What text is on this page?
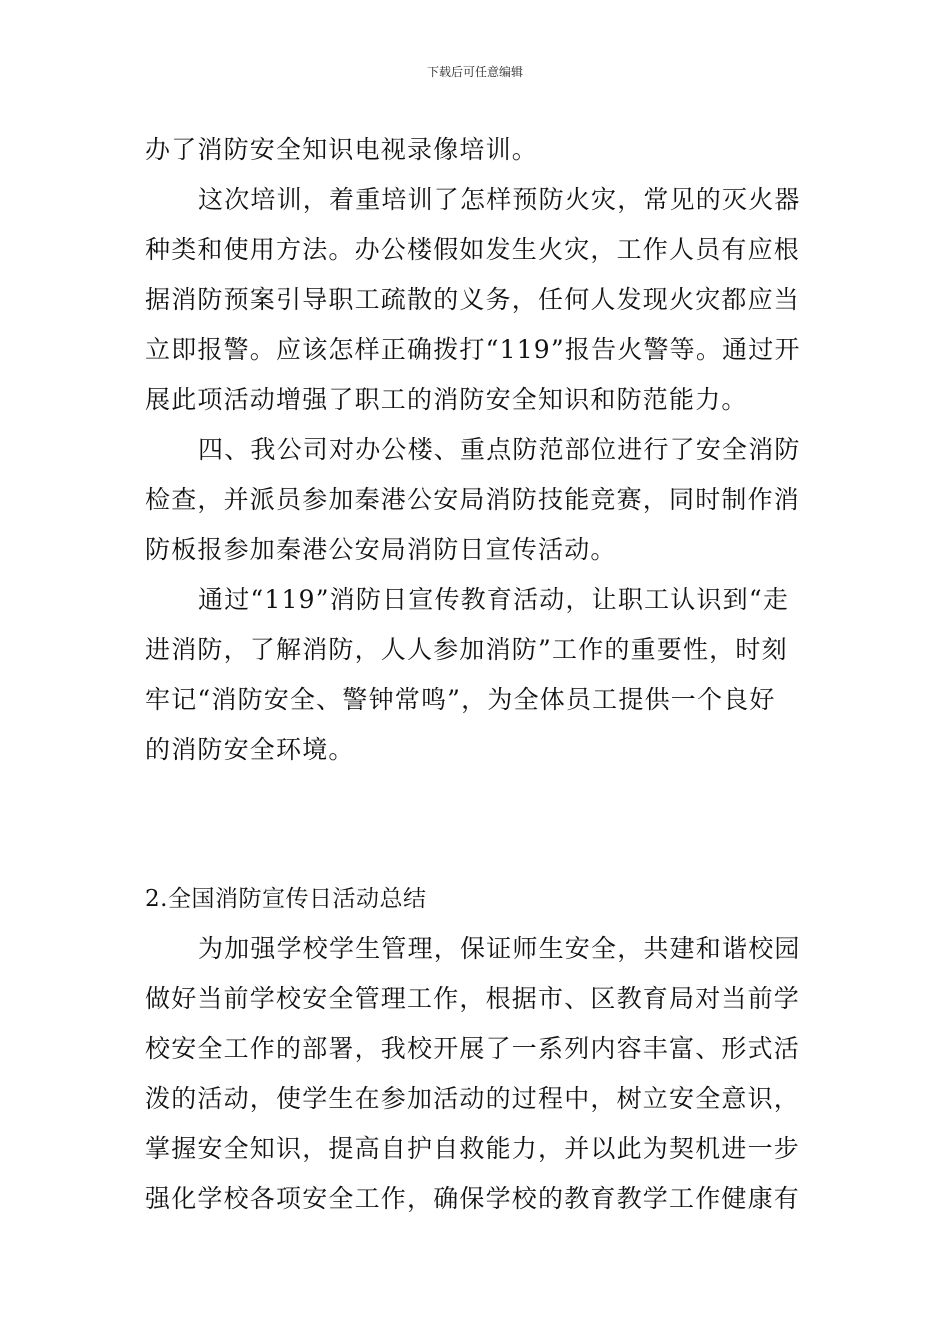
下载后可任意编辑
办了消防安全知识电视录像培训。
这次培训，着重培训了怎样预防火灾，常见的灭火器
种类和使用方法。办公楼假如发生火灾，工作人员有应根
据消防预案引导职工疏散的义务，任何人发现火灾都应当
立即报警。应该怎样正确拨打“119”报告火警等。通过开
展此项活动增强了职工的消防安全知识和防范能力。
四、我公司对办公楼、重点防范部位进行了安全消防
检查，并派员参加秦港公安局消防技能竞赛，同时制作消
防板报参加秦港公安局消防日宣传活动。
通过“119”消防日宣传教育活动，让职工认识到“走
进消防，了解消防，人人参加消防”工作的重要性，时刻
牢记“消防安全、警钟常鸣”，为全体员工提供一个良好
的消防安全环境。
2.全国消防宣传日活动总结
为加强学校学生管理，保证师生安全，共建和谐校园
做好当前学校安全管理工作，根据市、区教育局对当前学
校安全工作的部署，我校开展了一系列内容丰富、形式活
泼的活动，使学生在参加活动的过程中，树立安全意识，
掌握安全知识，提高自护自救能力，并以此为契机进一步
强化学校各项安全工作，确保学校的教育教学工作健康有
